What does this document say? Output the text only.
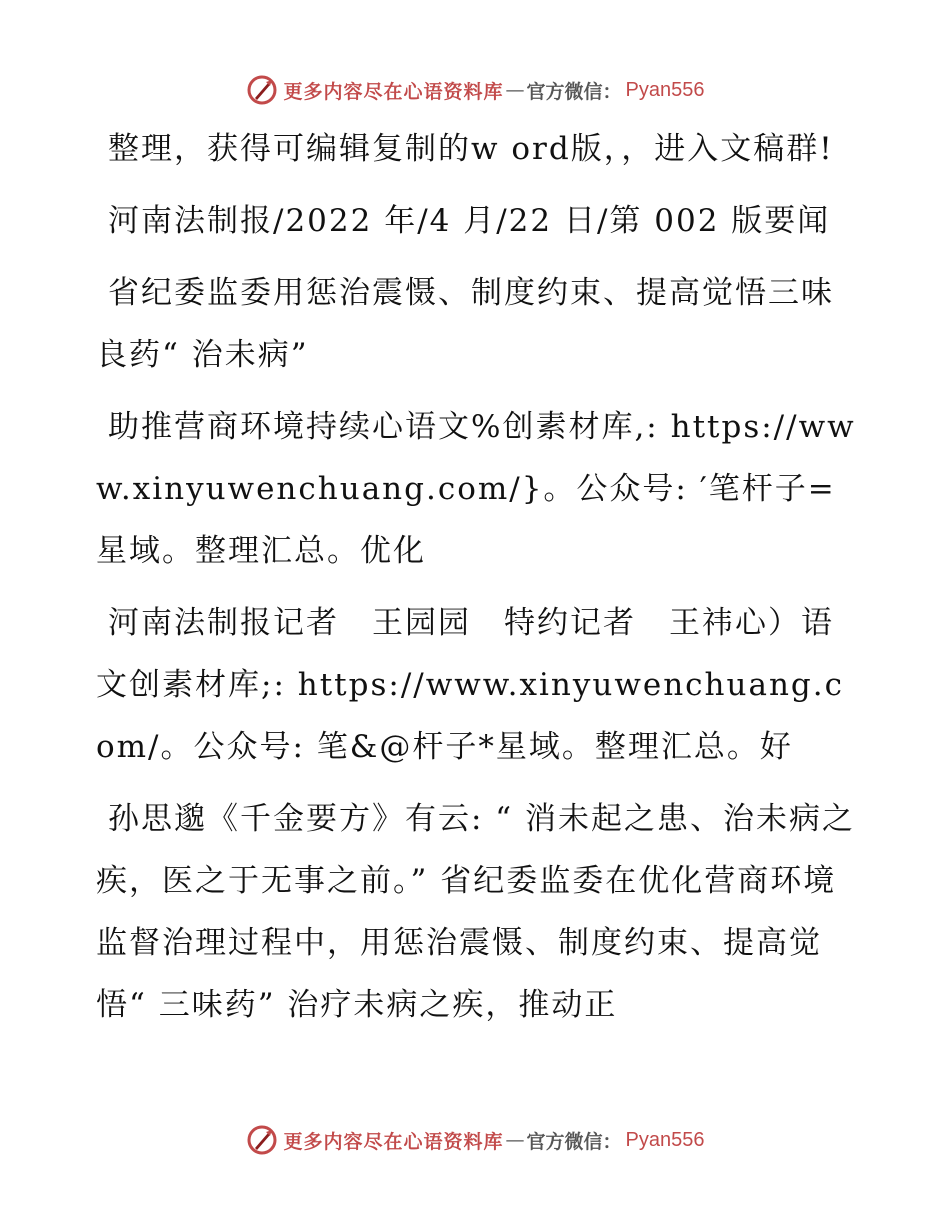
更多内容尽在心语资料库 — 官方微信： Pyan556

整理，获得可编辑复制的w ord版，，进入文稿群!

河南法制报/2022 年/4 月/22 日/第 002 版要闻

省纪委监委用惩治震慑、制度约束、提高觉悟三味良药“ 治未病”

助推营商环境持续心语文%创素材库,: https://www.xinyuwenchuang.com/}。公众号: ′笔杆子=星域。整理汇总。优化

河南法制报记者　王园园　特约记者　王祎心）语文创素材库;: https://www.xinyuwenchuang.com/。公众号: 笔&@杆子*星域。整理汇总。好

孙思邈《千金要方》有云: “ 消未起之患、治未病之疾，医之于无事之前。” 省纪委监委在优化营商环境监督治理过程中，用惩治震慑、制度约束、提高觉悟“ 三味药” 治疗未病之疾，推动正

更多内容尽在心语资料库 — 官方微信： Pyan556
